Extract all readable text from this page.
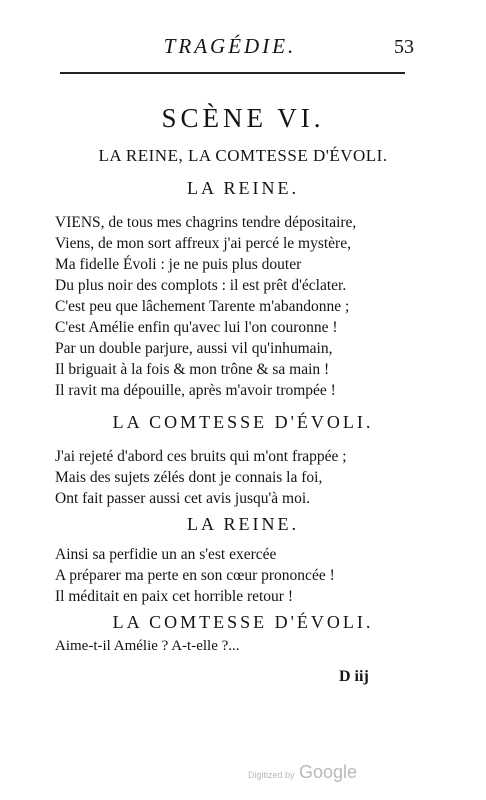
TRAGÉDIE.	53
SCÈNE VI.
LA REINE, LA COMTESSE D'ÉVOLI.
LA REINE.
VIENS, de tous mes chagrins tendre dépositaire,
Viens, de mon sort affreux j'ai percé le mystère,
Ma fidelle Évoli : je ne puis plus douter
Du plus noir des complots : il est prêt d'éclater.
C'est peu que lâchement Tarente m'abandonne ;
C'est Amélie enfin qu'avec lui l'on couronne !
Par un double parjure, aussi vil qu'inhumain,
Il briguait à la fois & mon trône & sa main !
Il ravit ma dépouille, après m'avoir trompée !
LA COMTESSE D'ÉVOLI.
J'ai rejeté d'abord ces bruits qui m'ont frappée ;
Mais des sujets zélés dont je connais la foi,
Ont fait passer aussi cet avis jusqu'à moi.
LA REINE.
Ainsi sa perfidie un an s'est exercée
A préparer ma perte en son cœur prononcée !
Il méditait en paix cet horrible retour !
LA COMTESSE D'ÉVOLI.
Aime-t-il Amélie ? A-t-elle ?...
D iij
Digitized by Google
